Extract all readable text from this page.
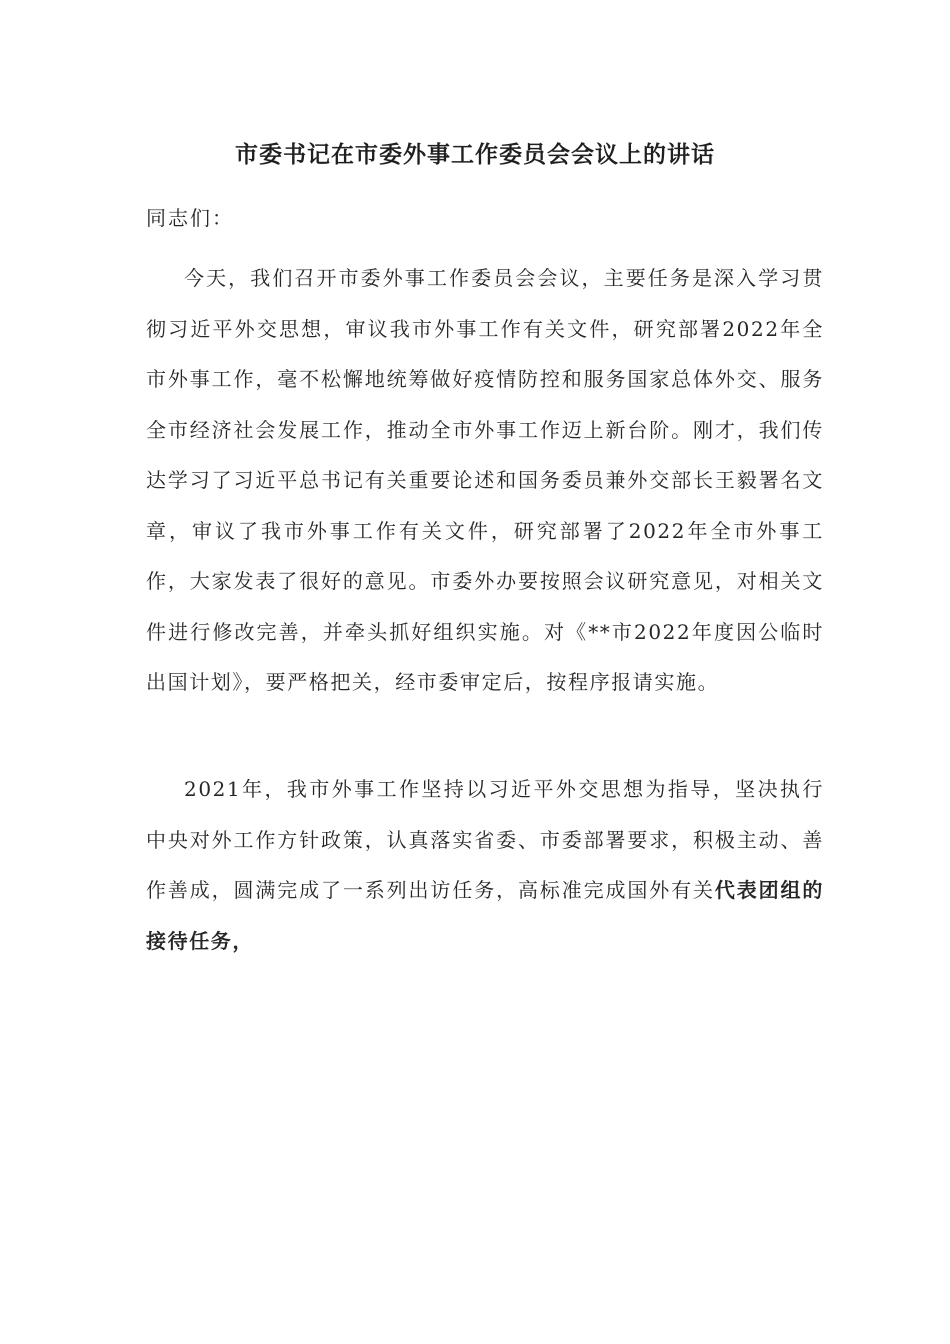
市委书记在市委外事工作委员会会议上的讲话

同志们：

今天，我们召开市委外事工作委员会会议，主要任务是深入学习贯彻习近平外交思想，审议我市外事工作有关文件，研究部署2022年全市外事工作，毫不松懈地统筹做好疫情防控和服务国家总体外交、服务全市经济社会发展工作，推动全市外事工作迈上新台阶。刚才，我们传达学习了习近平总书记有关重要论述和国务委员兼外交部长王毅署名文章，审议了我市外事工作有关文件，研究部署了2022年全市外事工作，大家发表了很好的意见。市委外办要按照会议研究意见，对相关文件进行修改完善，并牵头抓好组织实施。对《**市2022年度因公临时出国计划》，要严格把关，经市委审定后，按程序报请实施。

2021年，我市外事工作坚持以习近平外交思想为指导，坚决执行中央对外工作方针政策，认真落实省委、市委部署要求，积极主动、善作善成，圆满完成了一系列出访任务，高标准完成国外有关代表团组的接待任务，
